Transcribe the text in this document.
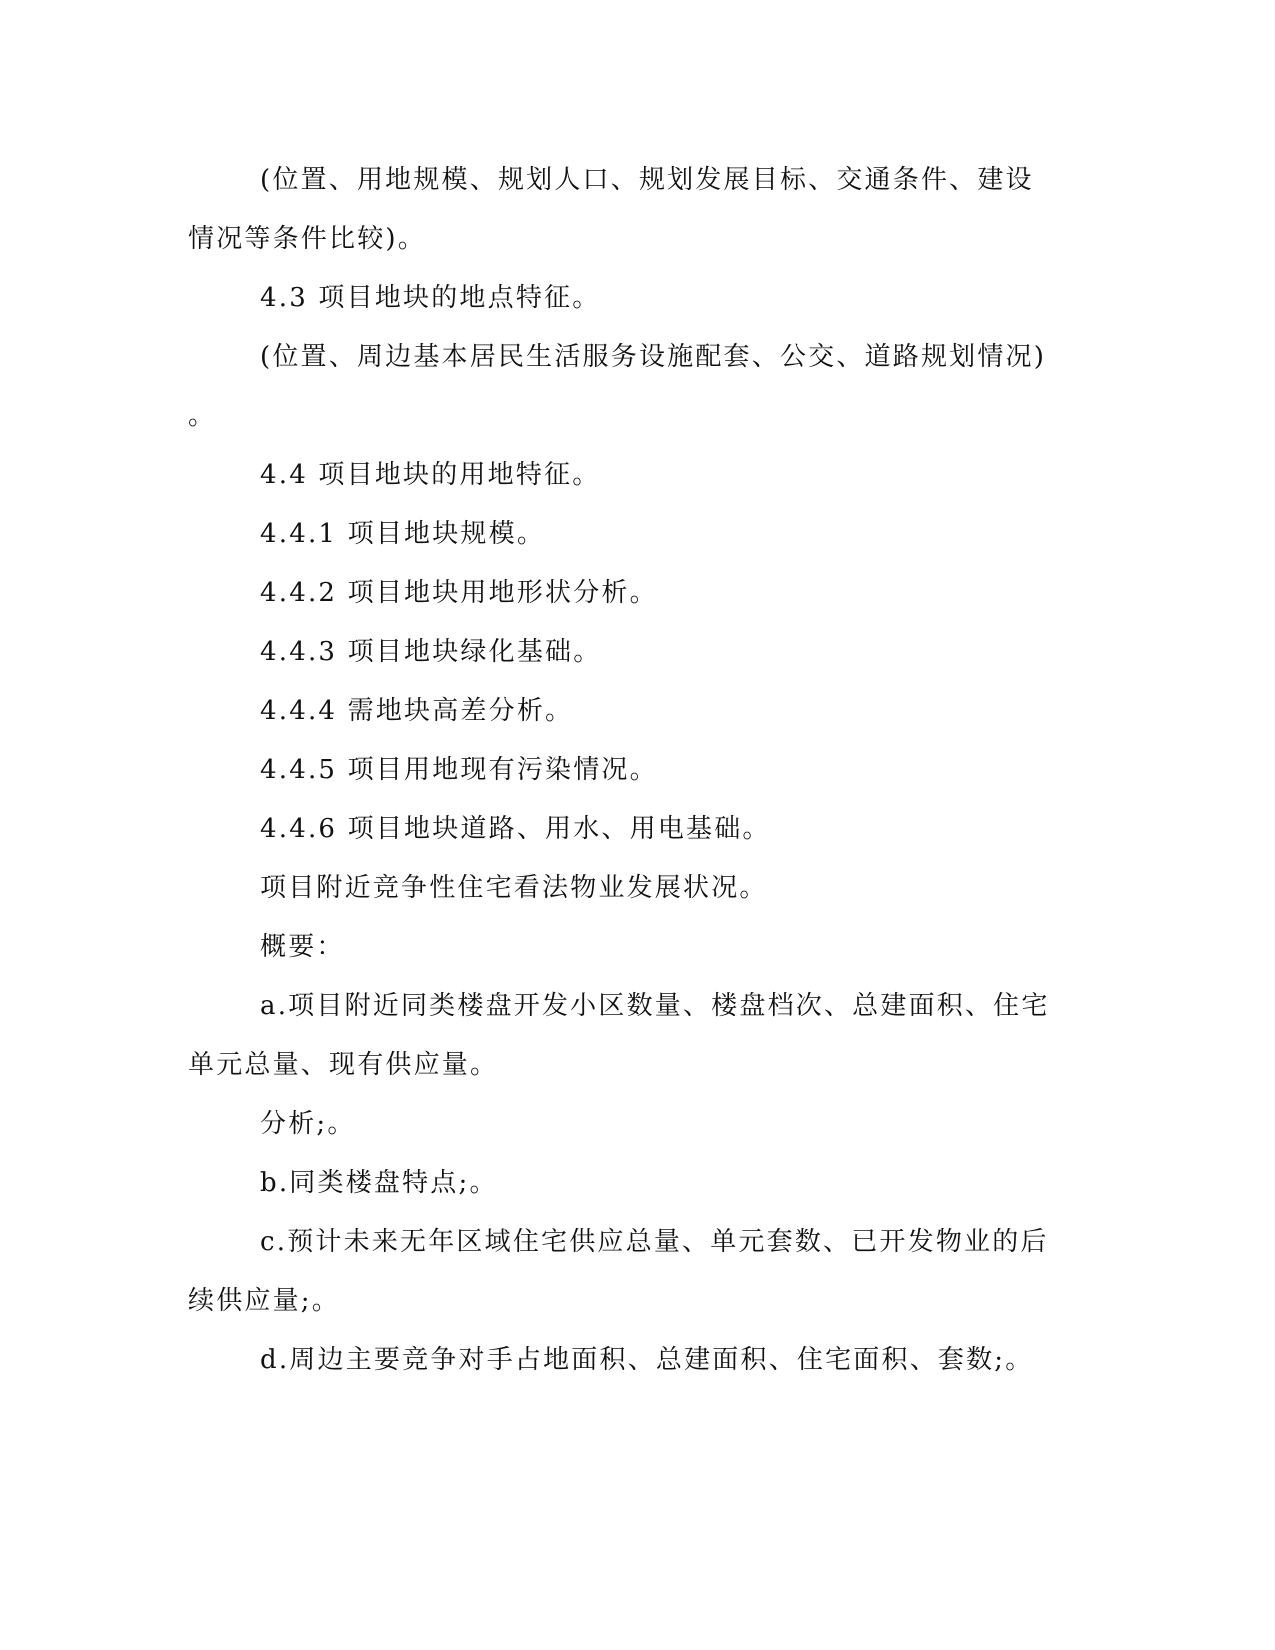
(位置、用地规模、规划人口、规划发展目标、交通条件、建设
情况等条件比较)。
4.3 项目地块的地点特征。
(位置、周边基本居民生活服务设施配套、公交、道路规划情况)
。
4.4 项目地块的用地特征。
4.4.1 项目地块规模。
4.4.2 项目地块用地形状分析。
4.4.3 项目地块绿化基础。
4.4.4 需地块高差分析。
4.4.5 项目用地现有污染情况。
4.4.6 项目地块道路、用水、用电基础。
项目附近竞争性住宅看法物业发展状况。
概要：
a.项目附近同类楼盘开发小区数量、楼盘档次、总建面积、住宅
单元总量、现有供应量。
分析;。
b.同类楼盘特点;。
c.预计未来无年区域住宅供应总量、单元套数、已开发物业的后
续供应量;。
d.周边主要竞争对手占地面积、总建面积、住宅面积、套数;。
